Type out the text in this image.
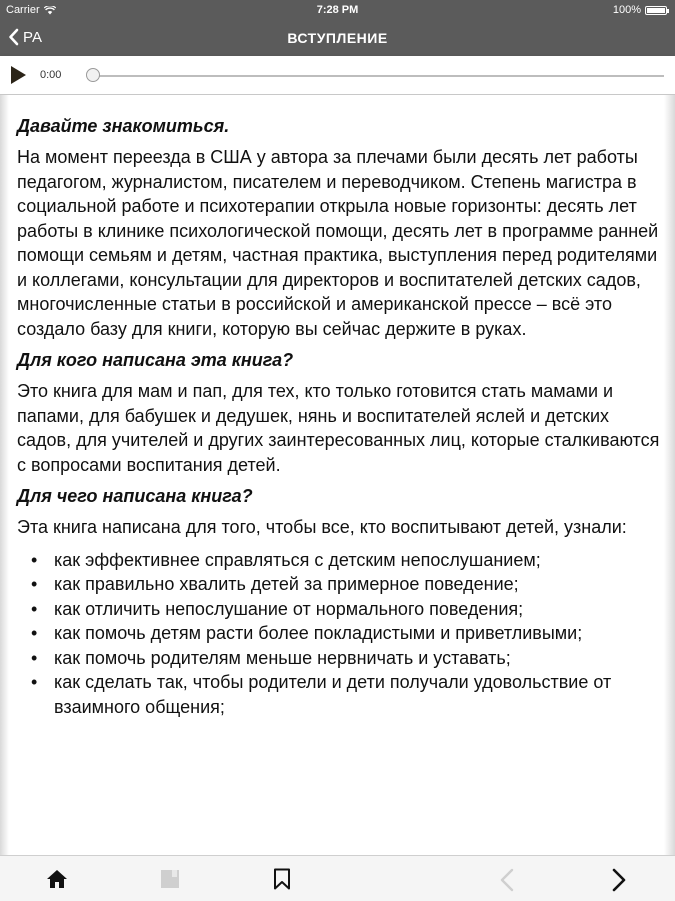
Carrier	7:28 PM	100%
РА	ВСТУПЛЕНИЕ
0:00
Давайте знакомиться.

На момент переезда в США у автора за плечами были десять лет работы педагогом, журналистом, писателем и переводчиком. Степень магистра в социальной работе и психотерапии открыла новые горизонты: десять лет работы в клинике психологической помощи, десять лет в программе ранней помощи семьям и детям, частная практика, выступления перед родителями и коллегами, консультации для директоров и воспитателей детских садов, многочисленные статьи в российской и американской прессе – всё это создало базу для книги, которую вы сейчас держите в руках.

Для кого написана эта книга?

Это книга для мам и пап, для тех, кто только готовится стать мамами и папами, для бабушек и дедушек, нянь и воспитателей яслей и детских садов, для учителей и других заинтересованных лиц, которые сталкиваются с вопросами воспитания детей.

Для чего написана книга?

Эта книга написана для того, чтобы все, кто воспитывают детей, узнали:

• как эффективнее справляться с детским непослушанием;
• как правильно хвалить детей за примерное поведение;
• как отличить непослушание от нормального поведения;
• как помочь детям расти более покладистыми и приветливыми;
• как помочь родителям меньше нервничать и уставать;
• как сделать так, чтобы родители и дети получали удовольствие от взаимного общения;
